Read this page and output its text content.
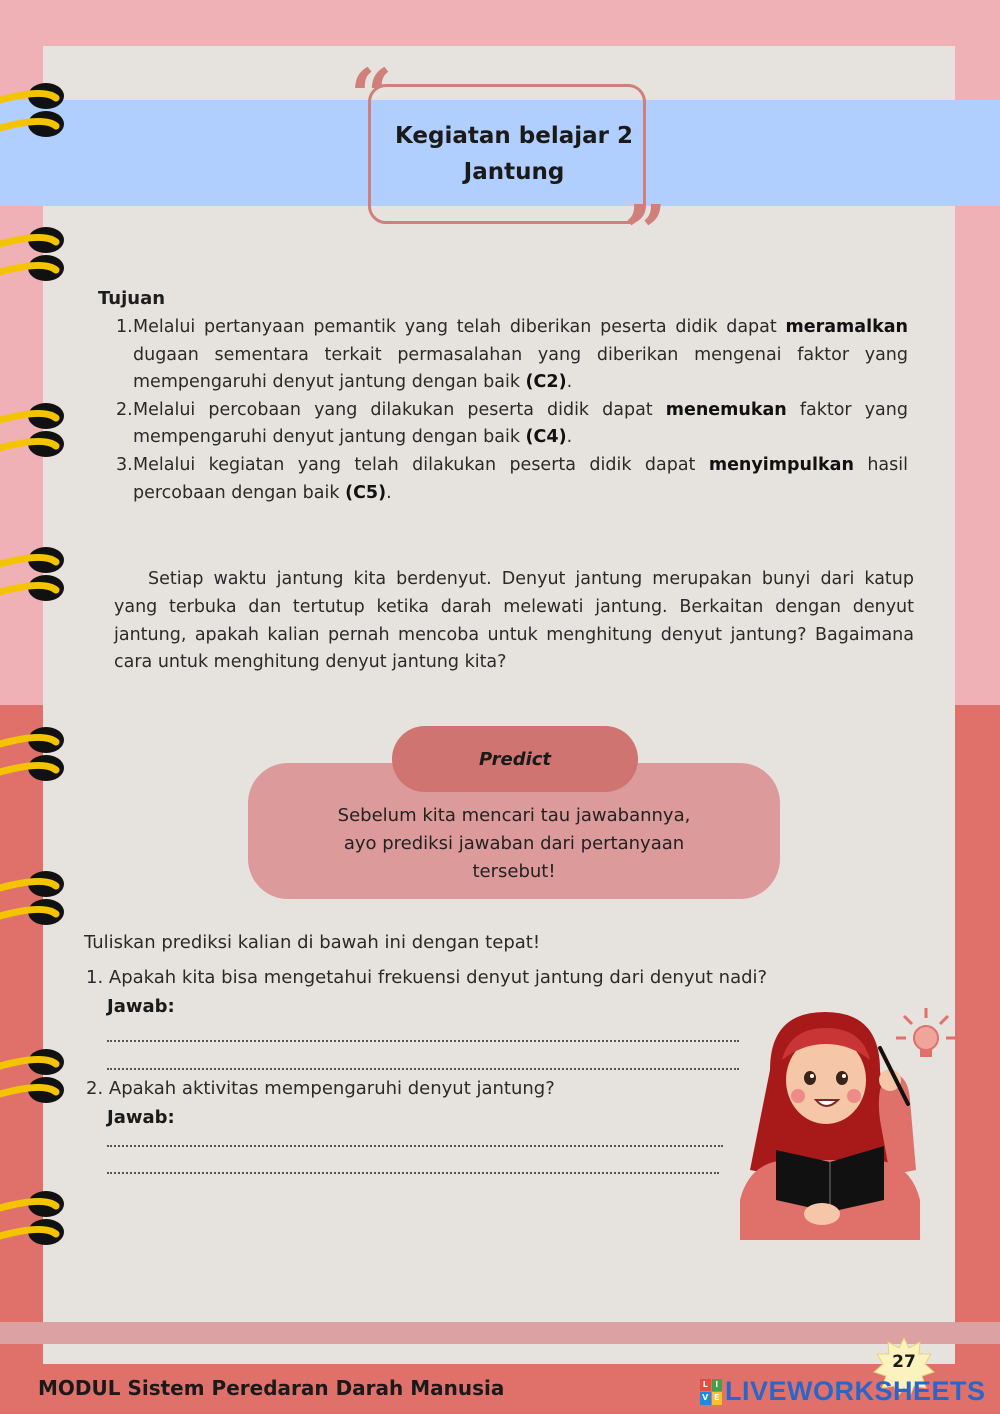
“
”
Kegiatan belajar 2
Jantung
Tujuan
1. Melalui pertanyaan pemantik yang telah diberikan peserta didik dapat meramalkan dugaan sementara terkait permasalahan yang diberikan mengenai faktor yang mempengaruhi denyut jantung dengan baik (C2).
2. Melalui percobaan yang dilakukan peserta didik dapat menemukan faktor yang mempengaruhi denyut jantung dengan baik (C4).
3. Melalui kegiatan yang telah dilakukan peserta didik dapat menyimpulkan hasil percobaan dengan baik (C5).

Setiap waktu jantung kita berdenyut. Denyut jantung merupakan bunyi dari katup yang terbuka dan tertutup ketika darah melewati jantung. Berkaitan dengan denyut jantung, apakah kalian pernah mencoba untuk menghitung denyut jantung? Bagaimana cara untuk menghitung denyut jantung kita?

Predict
Sebelum kita mencari tau jawabannya,
ayo prediksi jawaban dari pertanyaan
tersebut!
Tuliskan prediksi kalian di bawah ini dengan tepat!
1. Apakah kita bisa mengetahui frekuensi denyut jantung dari denyut nadi?
Jawab:
2. Apakah aktivitas mempengaruhi denyut jantung?
Jawab:
MODUL Sistem Peredaran Darah Manusia
27
L I
V E LIVEWORKSHEETS
